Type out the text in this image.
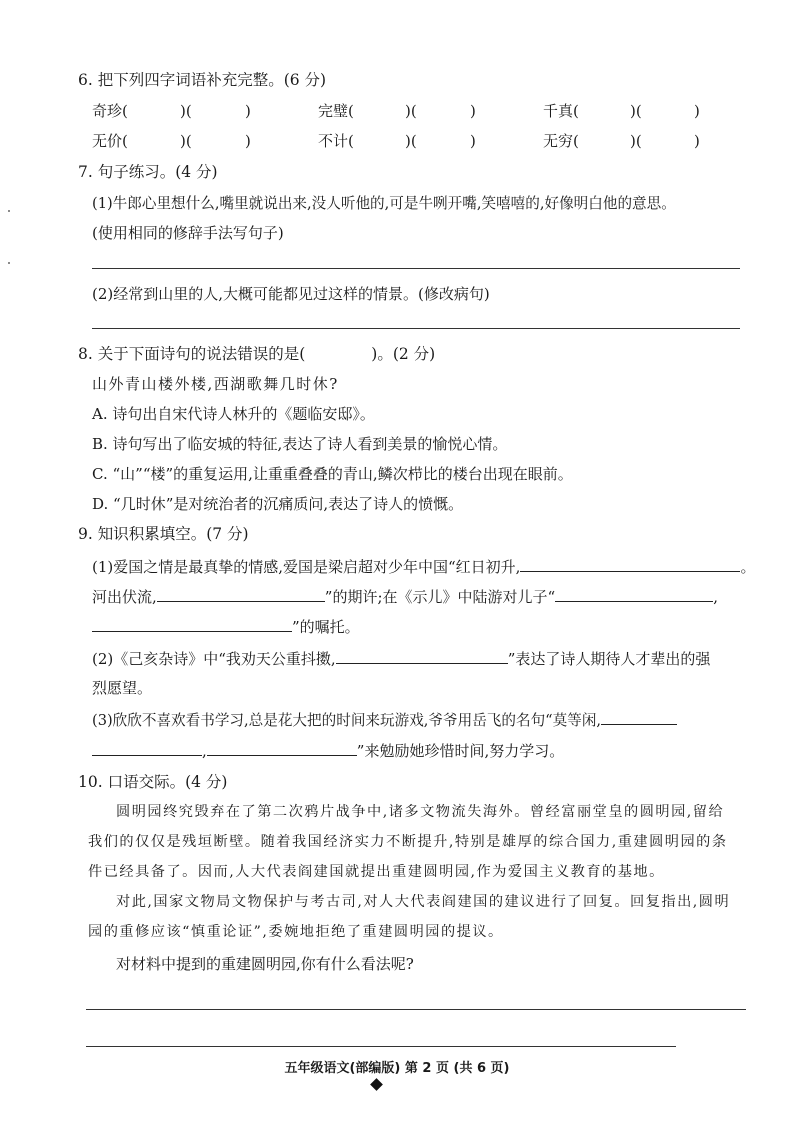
6. 把下列四字词语补充完整。(6 分)
奇珍(	)(	)	完璧(	)(	)	千真(	)(	)
无价(	)(	)	不计(	)(	)	无穷(	)(	)
7. 句子练习。(4 分)
(1)牛郎心里想什么,嘴里就说出来,没人听他的,可是牛咧开嘴,笑嘻嘻的,好像明白他的意思。
(使用相同的修辞手法写句子)
(2)经常到山里的人,大概可能都见过这样的情景。(修改病句)
8. 关于下面诗句的说法错误的是(	)。(2 分)
山外青山楼外楼,西湖歌舞几时休?
A. 诗句出自宋代诗人林升的《题临安邸》。
B. 诗句写出了临安城的特征,表达了诗人看到美景的愉悦心情。
C. “山”“楼”的重复运用,让重重叠叠的青山,鳞次栉比的楼台出现在眼前。
D. “几时休”是对统治者的沉痛质问,表达了诗人的愤慨。
9. 知识积累填空。(7 分)
(1)爱国之情是最真挚的情感,爱国是梁启超对少年中国“红日初升,	。
河出伏流,	”的期许;在《示儿》中陆游对儿子“	,
”的嘱托。
(2)《己亥杂诗》中“我劝天公重抖擞,	”表达了诗人期待人才辈出的强
烈愿望。
(3)欣欣不喜欢看书学习,总是花大把的时间来玩游戏,爷爷用岳飞的名句“莫等闲,
,	”来勉励她珍惜时间,努力学习。
10. 口语交际。(4 分)
圆明园终究毁弃在了第二次鸦片战争中,诸多文物流失海外。曾经富丽堂皇的圆明园,留给
我们的仅仅是残垣断壁。随着我国经济实力不断提升,特别是雄厚的综合国力,重建圆明园的条
件已经具备了。因而,人大代表阎建国就提出重建圆明园,作为爱国主义教育的基地。
对此,国家文物局文物保护与考古司,对人大代表阎建国的建议进行了回复。回复指出,圆明
园的重修应该“慎重论证”,委婉地拒绝了重建圆明园的提议。
对材料中提到的重建圆明园,你有什么看法呢?
五年级语文(部编版) 第 2 页 (共 6 页)
